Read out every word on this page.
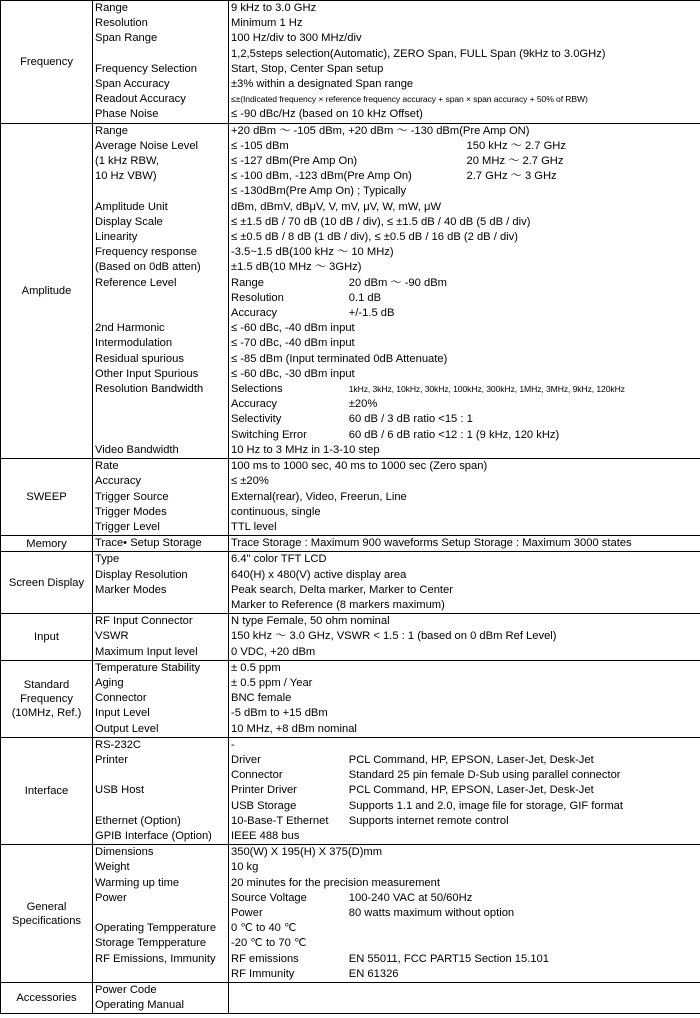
Frequency	Range	9 kHz to 3.0 GHz
	Resolution	Minimum 1 Hz
	Span Range	100 Hz/div to 300 MHz/div
		1,2,5steps selection(Automatic), ZERO Span, FULL Span (9kHz to 3.0GHz)
	Frequency Selection	Start, Stop, Center Span setup
	Span Accuracy	±3% within a designated Span range
	Readout Accuracy	≤±(Indicated frequency × reference frequency accuracy + span × span accuracy + 50% of RBW)
	Phase Noise	≤ -90 dBc/Hz (based on 10 kHz Offset)
Amplitude	Range	+20 dBm ～ -105 dBm, +20 dBm ～ -130 dBm(Pre Amp ON)
	Average Noise Level	≤ -105 dBm 150 kHz ～ 2.7 GHz

	(1 kHz RBW,	≤ -127 dBm(Pre Amp On) 20 MHz ～ 2.7 GHz

	10 Hz VBW)	≤ -100 dBm, -123 dBm(Pre Amp On) 2.7 GHz ～ 3 GHz

		≤ -130dBm(Pre Amp On) ; Typically
	Amplitude Unit	dBm, dBmV, dBμV, V, mV, μV, W, mW, μW
	Display Scale	≤ ±1.5 dB / 70 dB (10 dB / div), ≤ ±1.5 dB / 40 dB (5 dB / div)
	Linearity	≤ ±0.5 dB / 8 dB (1 dB / div), ≤ ±0.5 dB / 16 dB (2 dB / div)
	Frequency response	-3.5~1.5 dB(100 kHz ～ 10 MHz)
	(Based on 0dB atten)	±1.5 dB(10 MHz ～ 3GHz)
	Reference Level	Range 20 dBm ～ -90 dBm

		Resolution 0.1 dB

		Accuracy +/-1.5 dB

	2nd Harmonic	≤ -60 dBc, -40 dBm input
	Intermodulation	≤ -70 dBc, -40 dBm input
	Residual spurious	≤ -85 dBm (Input terminated 0dB Attenuate)
	Other Input Spurious	≤ -60 dBc, -30 dBm input
	Resolution Bandwidth	Selections 1kHz, 3kHz, 10kHz, 30kHz, 100kHz, 300kHz, 1MHz, 3MHz, 9kHz, 120kHz

		Accuracy ±20%

		Selectivity 60 dB / 3 dB ratio <15 : 1

		Switching Error 60 dB / 6 dB ratio <12 : 1 (9 kHz, 120 kHz)

	Video Bandwidth	10 Hz to 3 MHz in 1-3-10 step
SWEEP	Rate	100 ms to 1000 sec, 40 ms to 1000 sec (Zero span)
	Accuracy	≤ ±20%
	Trigger Source	External(rear), Video, Freerun, Line
	Trigger Modes	continuous, single
	Trigger Level	TTL level
Memory	Trace• Setup Storage	Trace Storage : Maximum 900 waveforms Setup Storage : Maximum 3000 states
Screen Display	Type	6.4" color TFT LCD
	Display Resolution	640(H) x 480(V) active display area
	Marker Modes	Peak search, Delta marker, Marker to Center
		Marker to Reference (8 markers maximum)
Input	RF Input Connector	N type Female, 50 ohm nominal
	VSWR	150 kHz ～ 3.0 GHz, VSWR < 1.5 : 1 (based on 0 dBm Ref Level)
	Maximum Input level	0 VDC, +20 dBm
Standard Frequency (10MHz, Ref.)	Temperature Stability	± 0.5 ppm
	Aging	± 0.5 ppm / Year
	Connector	BNC female
	Input Level	-5 dBm to +15 dBm
	Output Level	10 MHz, +8 dBm nominal
Interface	RS-232C	-
	Printer	Driver PCL Command, HP, EPSON, Laser-Jet, Desk-Jet

		Connector Standard 25 pin female D-Sub using parallel connector

	USB Host	Printer Driver PCL Command, HP, EPSON, Laser-Jet, Desk-Jet

		USB Storage Supports 1.1 and 2.0, image file for storage, GIF format

	Ethernet (Option)	10-Base-T Ethernet Supports internet remote control

	GPIB Interface (Option)	IEEE 488 bus
General Specifications	Dimensions	350(W) X 195(H) X 375(D)mm
	Weight	10 kg
	Warming up time	20 minutes for the precision measurement
	Power	Source Voltage 100-240 VAC at 50/60Hz

		Power 80 watts maximum without option

	Operating Tempperature	0 ℃ to 40 ℃
	Storage Tempperature	-20 ℃ to 70 ℃
	RF Emissions, Immunity	RF emissions EN 55011, FCC PART15 Section 15.101

		RF Immunity EN 61326

Accessories	Power Code	
	Operating Manual	
